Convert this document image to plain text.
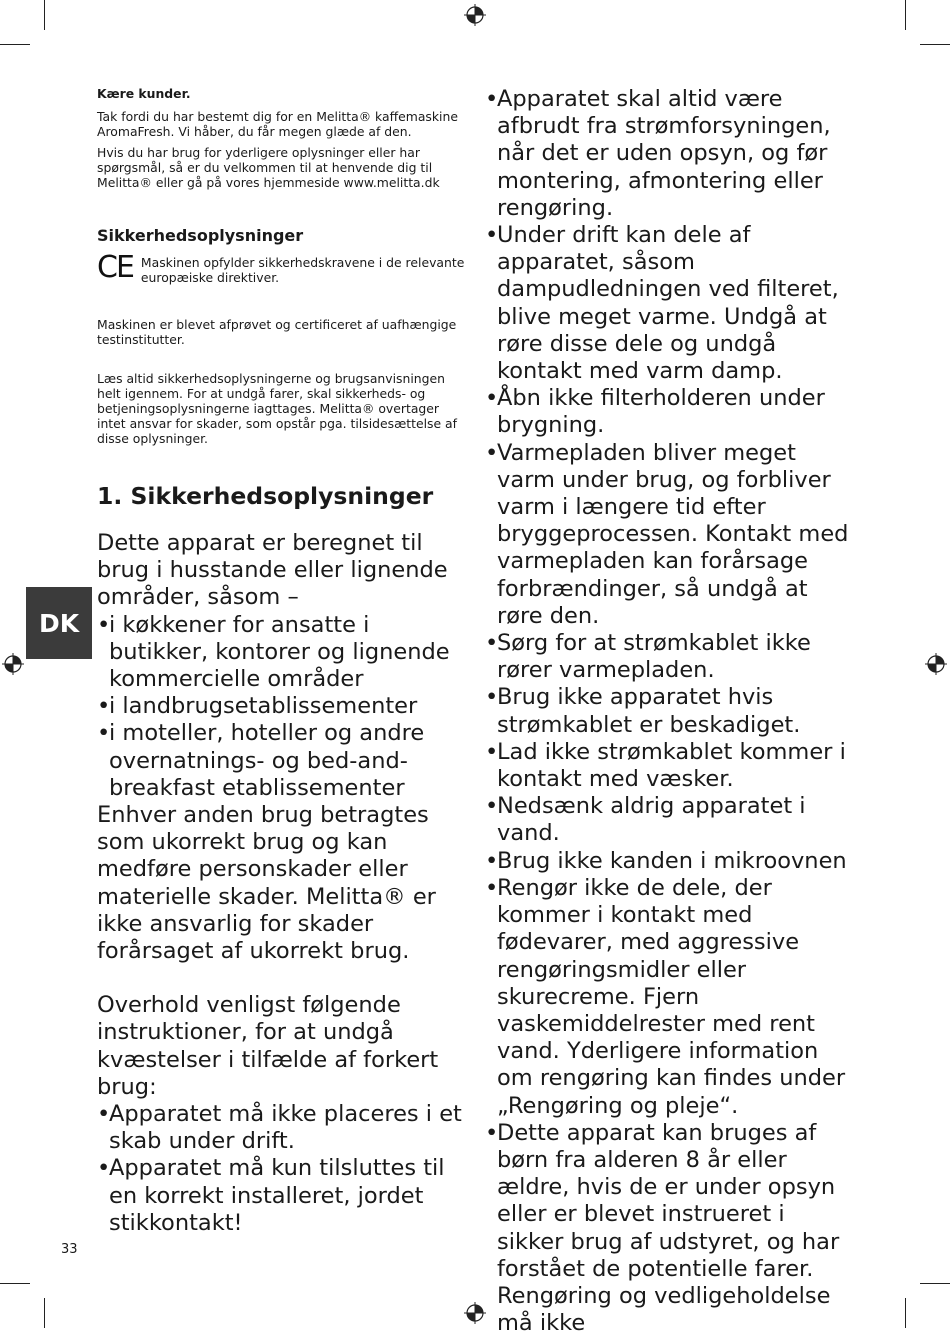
DK

Kære kunder.

Tak fordi du har bestemt dig for en Melitta® kaffemaskine AromaFresh. Vi håber, du får megen glæde af den.

Hvis du har brug for yderligere oplysninger eller har spørgsmål, så er du velkommen til at henvende dig til Melitta® eller gå på vores hjemmeside www.melitta.dk

Sikkerhedsoplysninger
CE Maskinen opfylder sikkerhedskravene i de relevante europæiske direktiver.

Maskinen er blevet afprøvet og certificeret af uafhængige testinstitutter.

Læs altid sikkerhedsoplysningerne og brugsanvisningen helt igennem. For at undgå farer, skal sikkerheds- og betjeningsoplysningerne iagttages. Melitta® overtager intet ansvar for skader, som opstår pga. tilsidesættelse af disse oplysninger.

1. Sikkerhedsoplysninger

Dette apparat er beregnet til brug i husstande eller lignende områder, såsom –

•
i køkkener for ansatte i butikker, kontorer og lignende kommercielle områder
•
i landbrugsetablissementer
•
i moteller, hoteller og andre overnatnings- og bed-and-breakfast etablissementer

Enhver anden brug betragtes som ukorrekt brug og kan medføre personskader eller materielle skader. Melitta® er ikke ansvarlig for skader forårsaget af ukorrekt brug.

Overhold venligst følgende instruktioner, for at undgå kvæstelser i tilfælde af forkert brug:

•
Apparatet må ikke placeres i et skab under drift.
•
Apparatet må kun tilsluttes til en korrekt installeret, jordet stikkontakt!
•
Apparatet skal altid være afbrudt fra strømforsyningen, når det er uden opsyn, og før montering, afmontering eller rengøring.
•
Under drift kan dele af apparatet, såsom dampudledningen ved filteret, blive meget varme. Undgå at røre disse dele og undgå kontakt med varm damp.
•
Åbn ikke filterholderen under brygning.
•
Varmepladen bliver meget varm under brug, og forbliver varm i længere tid efter bryggeprocessen. Kontakt med varmepladen kan forårsage forbrændinger, så undgå at røre den.
•
Sørg for at strømkablet ikke rører varmepladen.
•
Brug ikke apparatet hvis strømkablet er beskadiget.
•
Lad ikke strømkablet kommer i kontakt med væsker.
•
Nedsænk aldrig apparatet i vand.
•
Brug ikke kanden i mikroovnen
•
Rengør ikke de dele, der kommer i kontakt med fødevarer, med aggressive rengøringsmidler eller skurecreme. Fjern vaskemiddelrester med rent vand. Yderligere information om rengøring kan findes under „Rengøring og pleje“.
•
Dette apparat kan bruges af børn fra alderen 8 år eller ældre, hvis de er under opsyn eller er blevet instrueret i sikker brug af udstyret, og har forstået de potentielle farer. Rengøring og vedligeholdelse må ikke
33
